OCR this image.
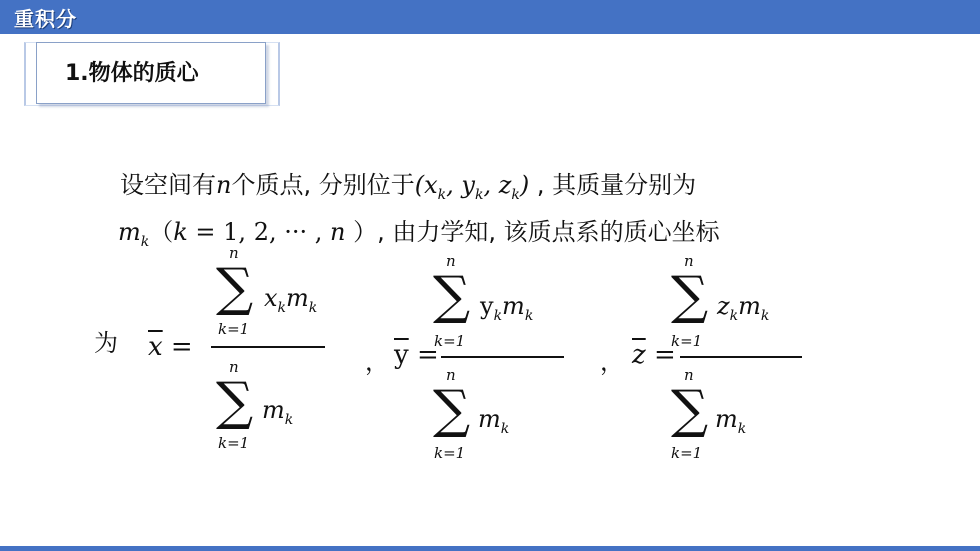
重积分
1.物体的质心
设空间有n个质点, 分别位于($x_k$, $y_k$, $z_k$) , 其质量分别为
$m_k(k = 1$, 2, ··· , n ）, 由力学知, 该质点系的质心坐标
为 $\overline{x}$ =
n
∑
k=1
$x_km_k$
n
∑
k=1
$m_k$
， $\overline{y}$ =
n
∑
k=1
$y_km_k$
n
∑
k=1
$m_k$
， $\overline{z}$ =
n
∑
k=1
$z_km_k$
n
∑
k=1
$m_k$
